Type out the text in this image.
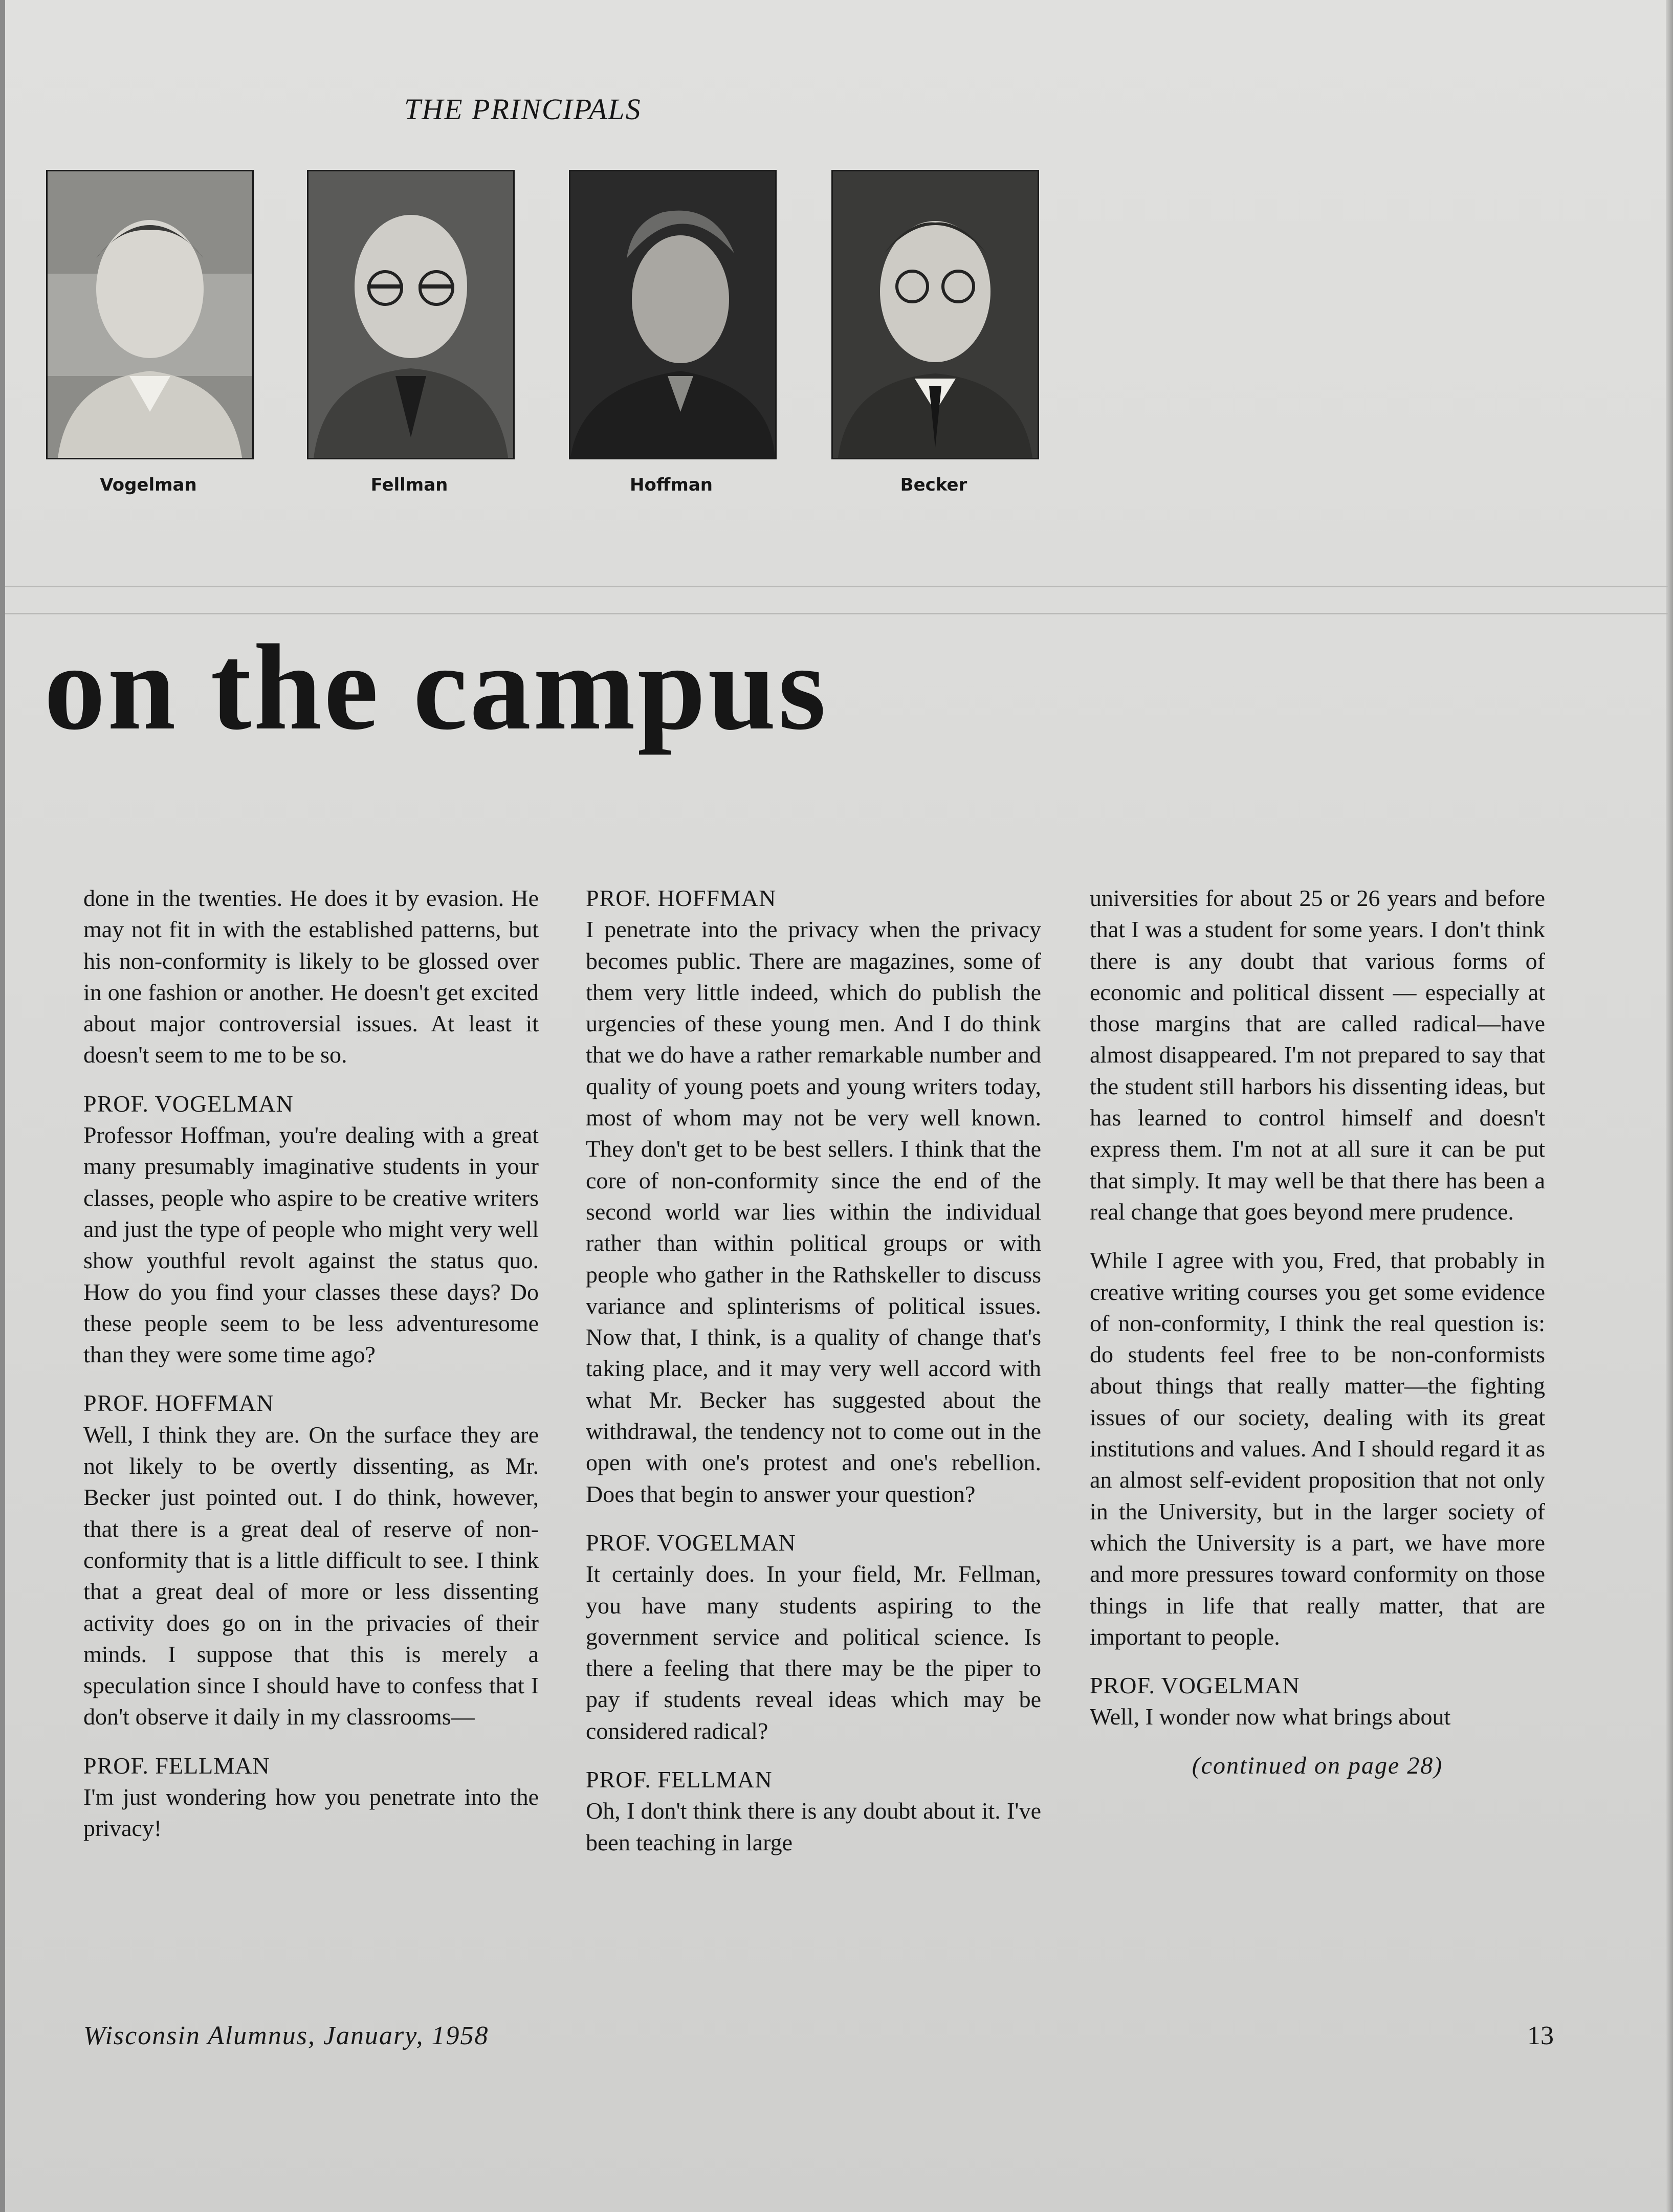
THE PRINCIPALS
Vogelman	Fellman	Hoffman	Becker
on the campus

done in the twenties. He does it by evasion. He may not fit in with the established patterns, but his non-conformity is likely to be glossed over in one fashion or another. He doesn't get excited about major controversial issues. At least it doesn't seem to me to be so.

PROF. VOGELMAN

Professor Hoffman, you're dealing with a great many presumably imaginative students in your classes, people who aspire to be creative writers and just the type of people who might very well show youthful revolt against the status quo. How do you find your classes these days? Do these people seem to be less adventuresome than they were some time ago?

PROF. HOFFMAN

Well, I think they are. On the surface they are not likely to be overtly dissenting, as Mr. Becker just pointed out. I do think, however, that there is a great deal of reserve of non-conformity that is a little difficult to see. I think that a great deal of more or less dissenting activity does go on in the privacies of their minds. I suppose that this is merely a speculation since I should have to confess that I don't observe it daily in my classrooms—

PROF. FELLMAN

I'm just wondering how you penetrate into the privacy!

PROF. HOFFMAN

I penetrate into the privacy when the privacy becomes public. There are magazines, some of them very little indeed, which do publish the urgencies of these young men. And I do think that we do have a rather remarkable number and quality of young poets and young writers today, most of whom may not be very well known. They don't get to be best sellers. I think that the core of non-conformity since the end of the second world war lies within the individual rather than within political groups or with people who gather in the Rathskeller to discuss variance and splinterisms of political issues. Now that, I think, is a quality of change that's taking place, and it may very well accord with what Mr. Becker has suggested about the withdrawal, the tendency not to come out in the open with one's protest and one's rebellion. Does that begin to answer your question?

PROF. VOGELMAN

It certainly does. In your field, Mr. Fellman, you have many students aspiring to the government service and political science. Is there a feeling that there may be the piper to pay if students reveal ideas which may be considered radical?

PROF. FELLMAN

Oh, I don't think there is any doubt about it. I've been teaching in large

universities for about 25 or 26 years and before that I was a student for some years. I don't think there is any doubt that various forms of economic and political dissent — especially at those margins that are called radical—have almost disappeared. I'm not prepared to say that the student still harbors his dissenting ideas, but has learned to control himself and doesn't express them. I'm not at all sure it can be put that simply. It may well be that there has been a real change that goes beyond mere prudence.

While I agree with you, Fred, that probably in creative writing courses you get some evidence of non-conformity, I think the real question is: do students feel free to be non-conformists about things that really matter—the fighting issues of our society, dealing with its great institutions and values. And I should regard it as an almost self-evident proposition that not only in the University, but in the larger society of which the University is a part, we have more and more pressures toward conformity on those things in life that really matter, that are important to people.

PROF. VOGELMAN

Well, I wonder now what brings about

(continued on page 28)
Wisconsin Alumnus, January, 1958	13
